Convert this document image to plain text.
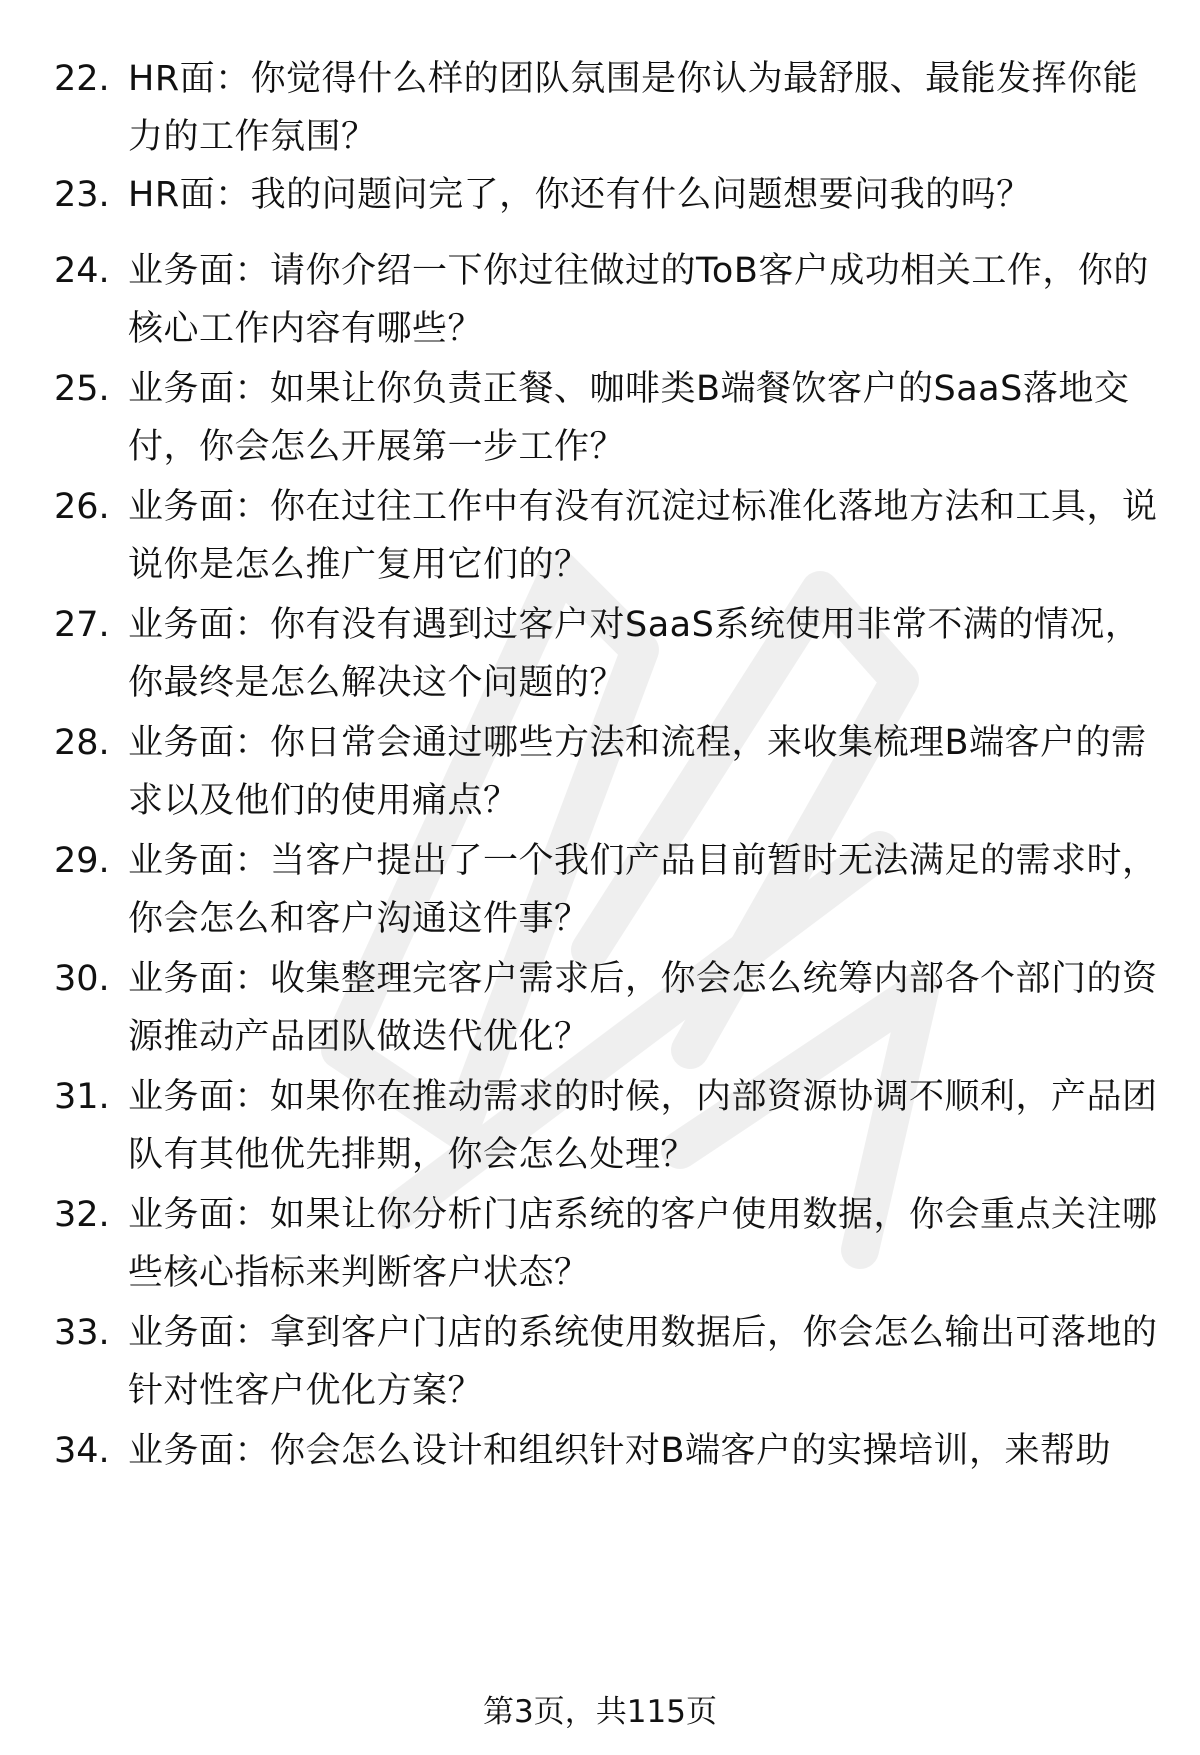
22. HR面：你觉得什么样的团队氛围是你认为最舒服、最能发挥你能力的工作氛围？
23. HR面：我的问题问完了，你还有什么问题想要问我的吗？
24. 业务面：请你介绍一下你过往做过的ToB客户成功相关工作，你的核心工作内容有哪些？
25. 业务面：如果让你负责正餐、咖啡类B端餐饮客户的SaaS落地交付，你会怎么开展第一步工作？
26. 业务面：你在过往工作中有没有沉淀过标准化落地方法和工具，说说你是怎么推广复用它们的？
27. 业务面：你有没有遇到过客户对SaaS系统使用非常不满的情况，你最终是怎么解决这个问题的？
28. 业务面：你日常会通过哪些方法和流程，来收集梳理B端客户的需求以及他们的使用痛点？
29. 业务面：当客户提出了一个我们产品目前暂时无法满足的需求时，你会怎么和客户沟通这件事？
30. 业务面：收集整理完客户需求后，你会怎么统筹内部各个部门的资源推动产品团队做迭代优化？
31. 业务面：如果你在推动需求的时候，内部资源协调不顺利，产品团队有其他优先排期，你会怎么处理？
32. 业务面：如果让你分析门店系统的客户使用数据，你会重点关注哪些核心指标来判断客户状态？
33. 业务面：拿到客户门店的系统使用数据后，你会怎么输出可落地的针对性客户优化方案？
34. 业务面：你会怎么设计和组织针对B端客户的实操培训，来帮助
第3页，共115页
